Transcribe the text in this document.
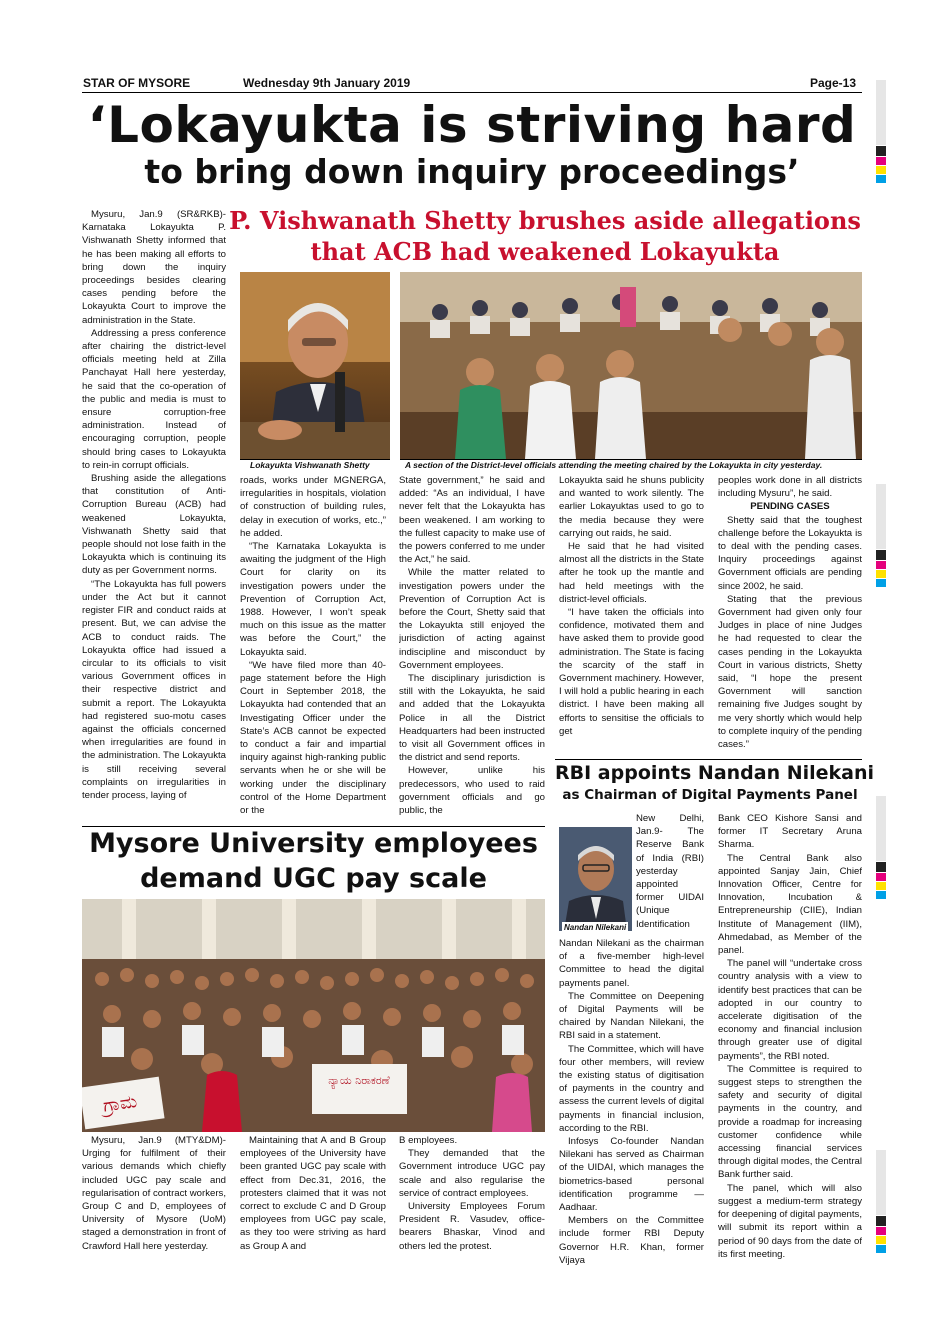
STAR OF MYSORE	Wednesday 9th January 2019	Page-13
‘Lokayukta is striving hard
to bring down inquiry proceedings’
P. Vishwanath Shetty brushes aside allegations
that ACB had weakened Lokayukta

Mysuru, Jan.9 (SR&RKB)- Karnataka Lokayukta P. Vishwanath Shetty informed that he has been making all efforts to bring down the inquiry proceedings besides clearing cases pending before the Lokayukta Court to improve the administration in the State.

Addressing a press conference after chairing the district-level officials meeting held at Zilla Panchayat Hall here yesterday, he said that the co-operation of the public and media is must to ensure corruption-free administration. Instead of encouraging corruption, people should bring cases to Lokayukta to rein-in corrupt officials.

Brushing aside the allegations that constitution of Anti-Corruption Bureau (ACB) had weakened Lokayukta, Vishwanath Shetty said that people should not lose faith in the Lokayukta which is continuing its duty as per Government norms.

“The Lokayukta has full powers under the Act but it cannot register FIR and conduct raids at present. But, we can advise the ACB to conduct raids. The Lokayukta office had issued a circular to its officials to visit various Government offices in their respective district and submit a report. The Lokayukta had registered suo-motu cases against the officials concerned when irregularities are found in the administration. The Lokayukta is still receiving several complaints on irregularities in tender process, laying of

Lokayukta Vishwanath Shetty	A section of the District-level officials attending the meeting chaired by the Lokayukta in city yesterday.

roads, works under MGNERGA, irregularities in hospitals, violation of construction of building rules, delay in execution of works, etc.,” he added.

“The Karnataka Lokayukta is awaiting the judgment of the High Court for clarity on its investigation powers under the Prevention of Corruption Act, 1988. However, I won’t speak much on this issue as the matter was before the Court,” the Lokayukta said.

“We have filed more than 40-page statement before the High Court in September 2018, the Lokayukta had contended that an Investigating Officer under the State’s ACB cannot be expected to conduct a fair and impartial inquiry against high-ranking public servants when he or she will be working under the disciplinary control of the Home Department or the

State government,” he said and added: “As an individual, I have never felt that the Lokayukta has been weakened. I am working to the fullest capacity to make use of the powers conferred to me under the Act,” he said.

While the matter related to investigation powers under the Prevention of Corruption Act is before the Court, Shetty said that the Lokayukta still enjoyed the jurisdiction of acting against indiscipline and misconduct by Government employees.

The disciplinary jurisdiction is still with the Lokayukta, he said and added that the Lokayukta Police in all the District Headquarters had been instructed to visit all Government offices in the district and send reports.

However, unlike his predecessors, who used to raid government officials and go public, the

Lokayukta said he shuns publicity and wanted to work silently. The earlier Lokayuktas used to go to the media because they were carrying out raids, he said.

He said that he had visited almost all the districts in the State after he took up the mantle and had held meetings with the district-level officials.

“I have taken the officials into confidence, motivated them and have asked them to provide good administration. The State is facing the scarcity of the staff in Government machinery. However, I will hold a public hearing in each district. I have been making all efforts to sensitise the officials to get

peoples work done in all districts including Mysuru”, he said.

PENDING CASES

Shetty said that the toughest challenge before the Lokayukta is to deal with the pending cases. Inquiry proceedings against Government officials are pending since 2002, he said.

Stating that the previous Government had given only four Judges in place of nine Judges he had requested to clear the cases pending in the Lokayukta Court in various districts, Shetty said, “I hope the present Government will sanction remaining five Judges sought by me very shortly which would help to complete inquiry of the pending cases.”

RBI appoints Nandan Nilekani
as Chairman of Digital Payments Panel
Nandan Nilekani

New Delhi, Jan.9- The Reserve Bank of India (RBI) yesterday appointed former UIDAI (Unique Identification

Nandan Nilekani as the chairman of a five-member high-level Committee to head the digital payments panel.

The Committee on Deepening of Digital Payments will be chaired by Nandan Nilekani, the RBI said in a statement.

The Committee, which will have four other members, will review the existing status of digitisation of payments in the country and assess the current levels of digital payments in financial inclusion, according to the RBI.

Infosys Co-founder Nandan Nilekani has served as Chairman of the UIDAI, which manages the biometrics-based personal identification programme — Aadhaar.

Members on the Committee include former RBI Deputy Governor H.R. Khan, former Vijaya

Bank CEO Kishore Sansi and former IT Secretary Aruna Sharma.

The Central Bank also appointed Sanjay Jain, Chief Innovation Officer, Centre for Innovation, Incubation & Entrepreneurship (CIIE), Indian Institute of Management (IIM), Ahmedabad, as Member of the panel.

The panel will “undertake cross country analysis with a view to identify best practices that can be adopted in our country to accelerate digitisation of the economy and financial inclusion through greater use of digital payments”, the RBI noted.

The Committee is required to suggest steps to strengthen the safety and security of digital payments in the country, and provide a roadmap for increasing customer confidence while accessing financial services through digital modes, the Central Bank further said.

The panel, which will also suggest a medium-term strategy for deepening of digital payments, will submit its report within a period of 90 days from the date of its first meeting.

Mysore University employees
demand UGC pay scale
ಗ್ರಾಮ
ನ್ಯಾಯ ನಿರಾಕರಣೆ

Mysuru, Jan.9 (MTY&DM)- Urging for fulfilment of their various demands which chiefly included UGC pay scale and regularisation of contract workers, Group C and D, employees of University of Mysore (UoM) staged a demonstration in front of Crawford Hall here yesterday.

Maintaining that A and B Group employees of the University have been granted UGC pay scale with effect from Dec.31, 2016, the protesters claimed that it was not correct to exclude C and D Group employees from UGC pay scale, as they too were striving as hard as Group A and

B employees.

They demanded that the Government introduce UGC pay scale and also regularise the service of contract employees.

University Employees Forum President R. Vasudev, office-bearers Bhaskar, Vinod and others led the protest.
